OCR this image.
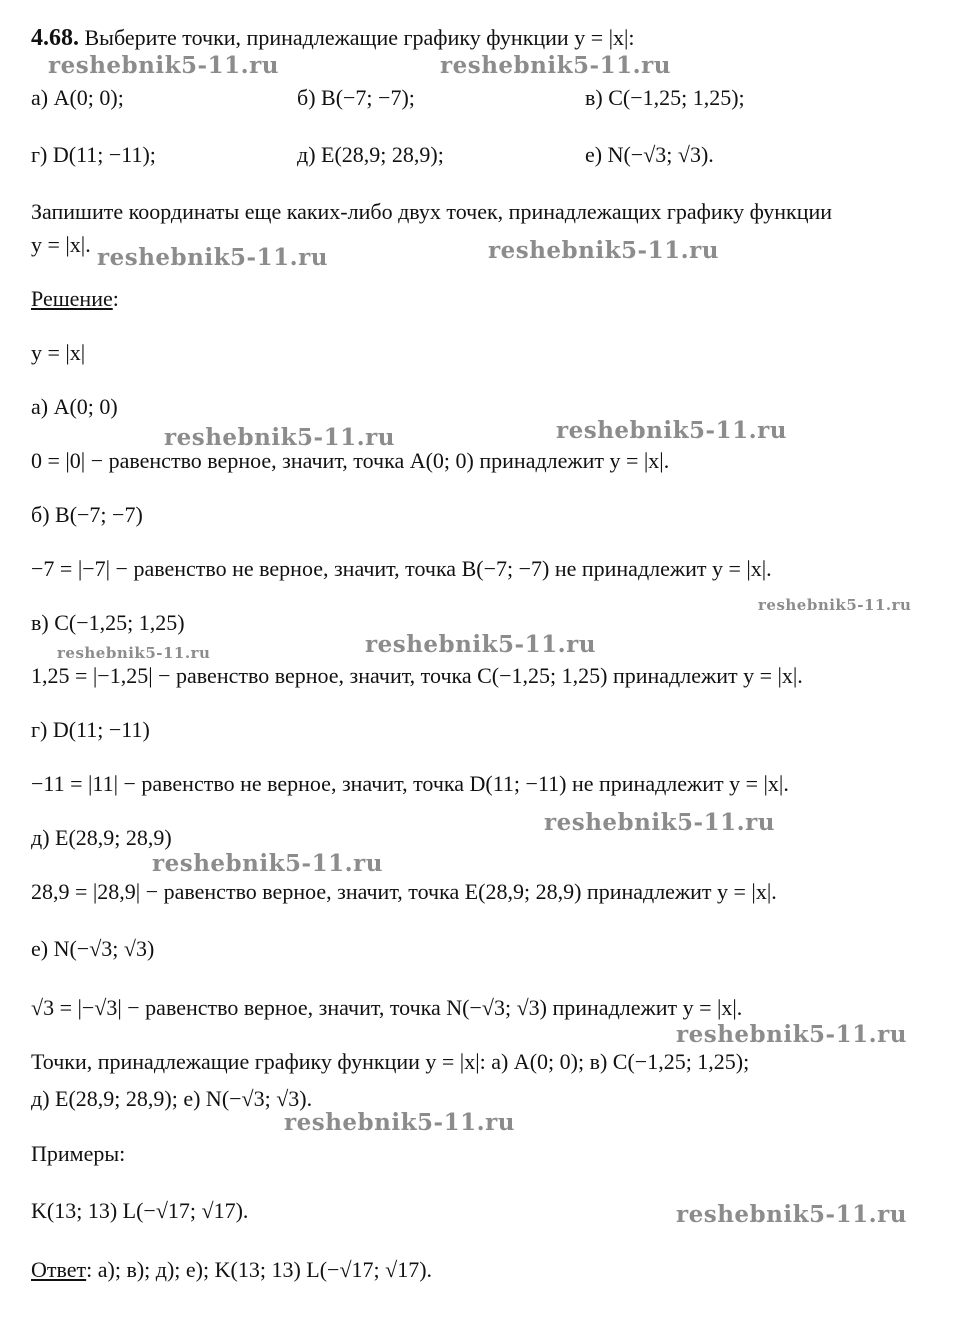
4.68. Выберите точки, принадлежащие графику функции y = |x|:
а) A(0; 0);	б) B(−7; −7);	в) C(−1,25; 1,25);
г) D(11; −11);	д) E(28,9; 28,9);	е) N(−√3; √3).
Запишите координаты еще каких-либо двух точек, принадлежащих графику функции
y = |x|.
Решение:
y = |x|
а) A(0; 0)
0 = |0| − равенство верное, значит, точка A(0; 0) принадлежит y = |x|.
б) B(−7; −7)
−7 = |−7| − равенство не верное, значит, точка B(−7; −7) не принадлежит y = |x|.
в) C(−1,25; 1,25)
1,25 = |−1,25| − равенство верное, значит, точка C(−1,25; 1,25) принадлежит y = |x|.
г) D(11; −11)
−11 = |11| − равенство не верное, значит, точка D(11; −11) не принадлежит y = |x|.
д) E(28,9; 28,9)
28,9 = |28,9| − равенство верное, значит, точка E(28,9; 28,9) принадлежит y = |x|.
е) N(−√3; √3)
√3 = |−√3| − равенство верное, значит, точка N(−√3; √3) принадлежит y = |x|.
Точки, принадлежащие графику функции y = |x|: а) A(0; 0); в) C(−1,25; 1,25);
д) E(28,9; 28,9); е) N(−√3; √3).
Примеры:
K(13; 13) L(−√17; √17).
Ответ: а); в); д); е); K(13; 13) L(−√17; √17).
reshebnik5-11.ru	reshebnik5-11.ru
reshebnik5-11.ru	reshebnik5-11.ru
reshebnik5-11.ru	reshebnik5-11.ru
reshebnik5-11.ru
reshebnik5-11.ru
reshebnik5-11.ru
reshebnik5-11.ru
reshebnik5-11.ru
reshebnik5-11.ru
reshebnik5-11.ru
reshebnik5-11.ru
